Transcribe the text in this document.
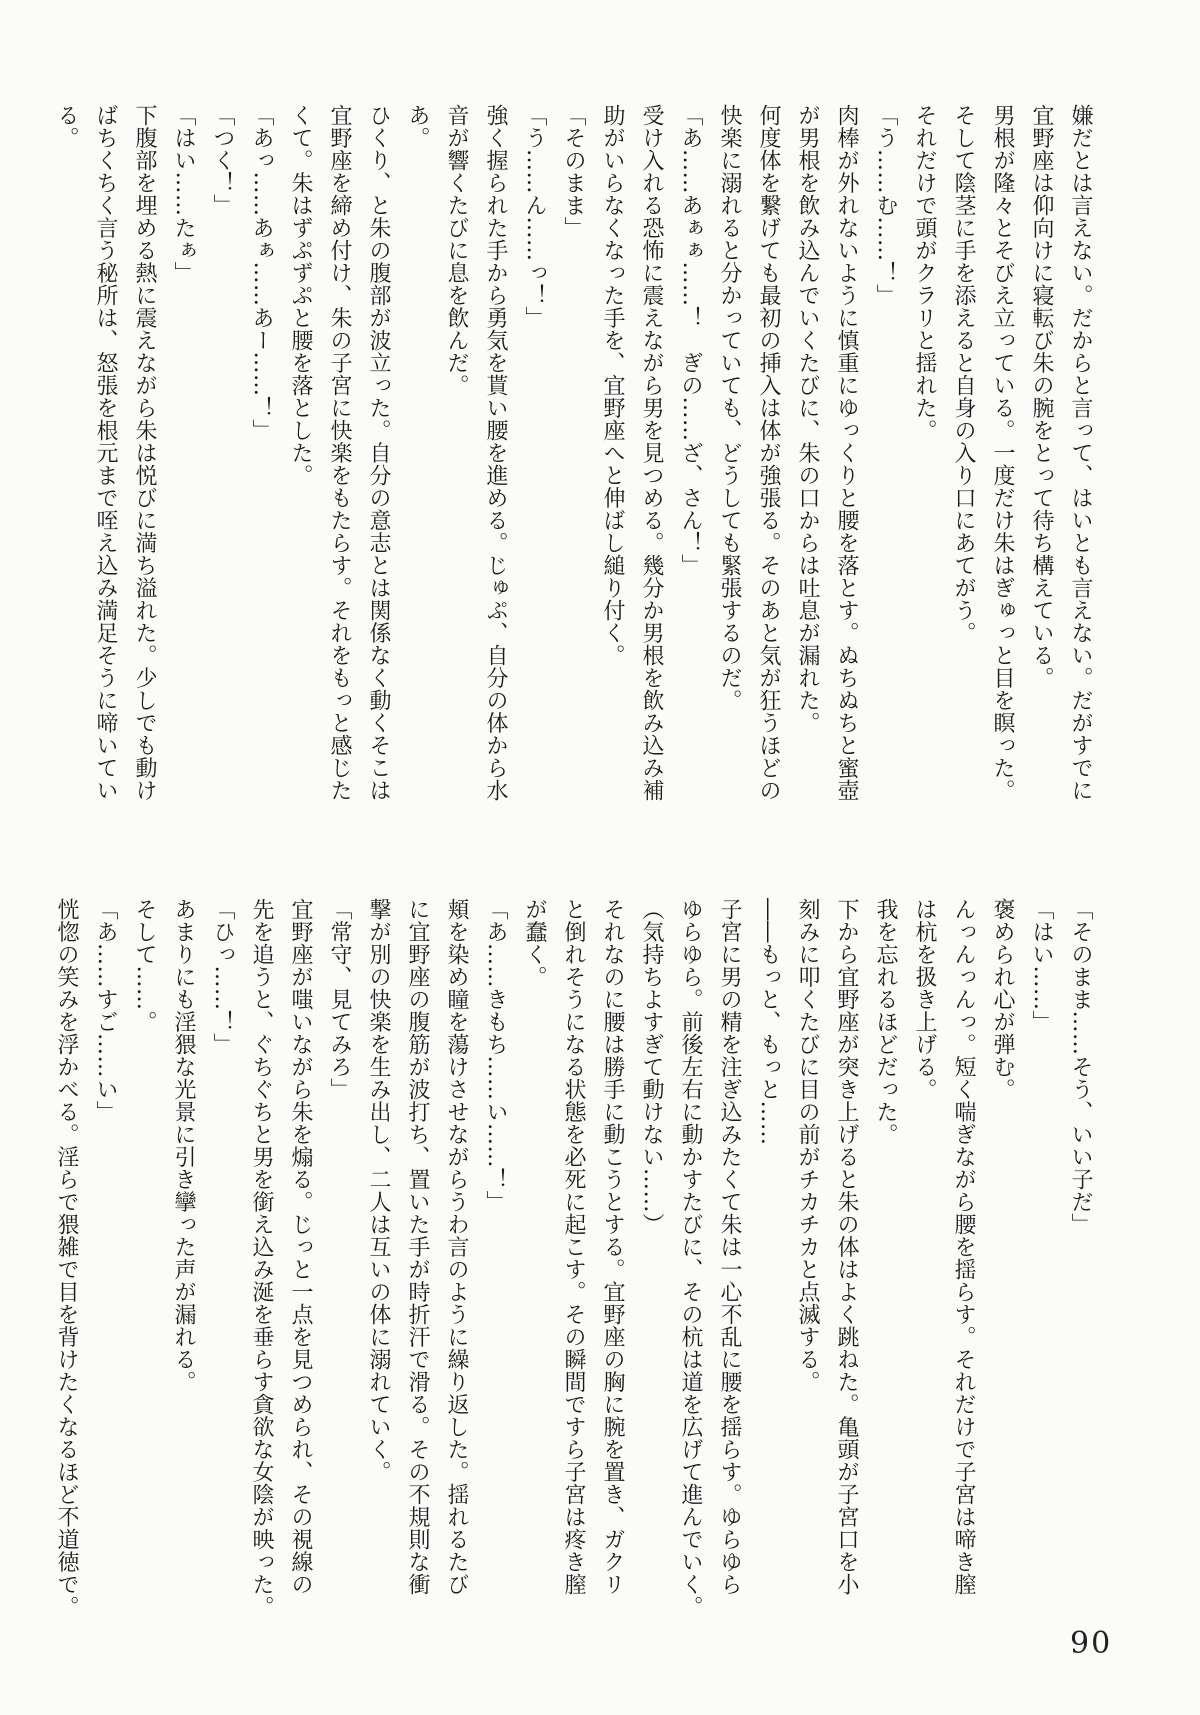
嫌だとは言えない。だからと言って、はいとも言えない。だがすでに
宜野座は仰向けに寝転び朱の腕をとって待ち構えている。
男根が隆々とそびえ立っている。一度だけ朱はぎゅっと目を瞑った。
そして陰茎に手を添えると自身の入り口にあてがう。
それだけで頭がクラリと揺れた。
「う……む……！」
肉棒が外れないように慎重にゆっくりと腰を落とす。ぬちぬちと蜜壺
が男根を飲み込んでいくたびに、朱の口からは吐息が漏れた。
何度体を繋げても最初の挿入は体が強張る。そのあと気が狂うほどの
快楽に溺れると分かっていても、どうしても緊張するのだ。
「あ……あぁぁ……！　ぎの……ざ、さん！」
受け入れる恐怖に震えながら男を見つめる。幾分か男根を飲み込み補
助がいらなくなった手を、宜野座へと伸ばし縋り付く。
「そのまま」
「う……ん……っ！」
強く握られた手から勇気を貰い腰を進める。じゅぷ、自分の体から水
音が響くたびに息を飲んだ。
あ。
ひくり、と朱の腹部が波立った。自分の意志とは関係なく動くそこは
宜野座を締め付け、朱の子宮に快楽をもたらす。それをもっと感じた
くて。朱はずぷずぷと腰を落とした。
「あっ……あぁ……あー……！」
「つく！」
「はい……たぁ」
下腹部を埋める熱に震えながら朱は悦びに満ち溢れた。少しでも動け
ばちくちく言う秘所は、怒張を根元まで咥え込み満足そうに啼いてい
る。
「そのまま……そう、いい子だ」
「はい……」
褒められ心が弾む。
んっんっんっ。短く喘ぎながら腰を揺らす。それだけで子宮は啼き膣
は杭を扱き上げる。
我を忘れるほどだった。
下から宜野座が突き上げると朱の体はよく跳ねた。亀頭が子宮口を小
刻みに叩くたびに目の前がチカチカと点滅する。
――もっと、もっと……
子宮に男の精を注ぎ込みたくて朱は一心不乱に腰を揺らす。ゆらゆら
ゆらゆら。前後左右に動かすたびに、その杭は道を広げて進んでいく。
（気持ちよすぎて動けない……）
それなのに腰は勝手に動こうとする。宜野座の胸に腕を置き、ガクリ
と倒れそうになる状態を必死に起こす。その瞬間ですら子宮は疼き膣
が蠢く。
「あ……きもち……い……！」
頬を染め瞳を蕩けさせながらうわ言のように繰り返した。揺れるたび
に宜野座の腹筋が波打ち、置いた手が時折汗で滑る。その不規則な衝
撃が別の快楽を生み出し、二人は互いの体に溺れていく。
「常守、見てみろ」
宜野座が嗤いながら朱を煽る。じっと一点を見つめられ、その視線の
先を追うと、ぐちぐちと男を銜え込み涎を垂らす貪欲な女陰が映った。
「ひっ……！」
あまりにも淫猥な光景に引き攣った声が漏れる。
そして……。
「あ……すご……い」
恍惚の笑みを浮かべる。淫らで猥雑で目を背けたくなるほど不道徳で。
90
